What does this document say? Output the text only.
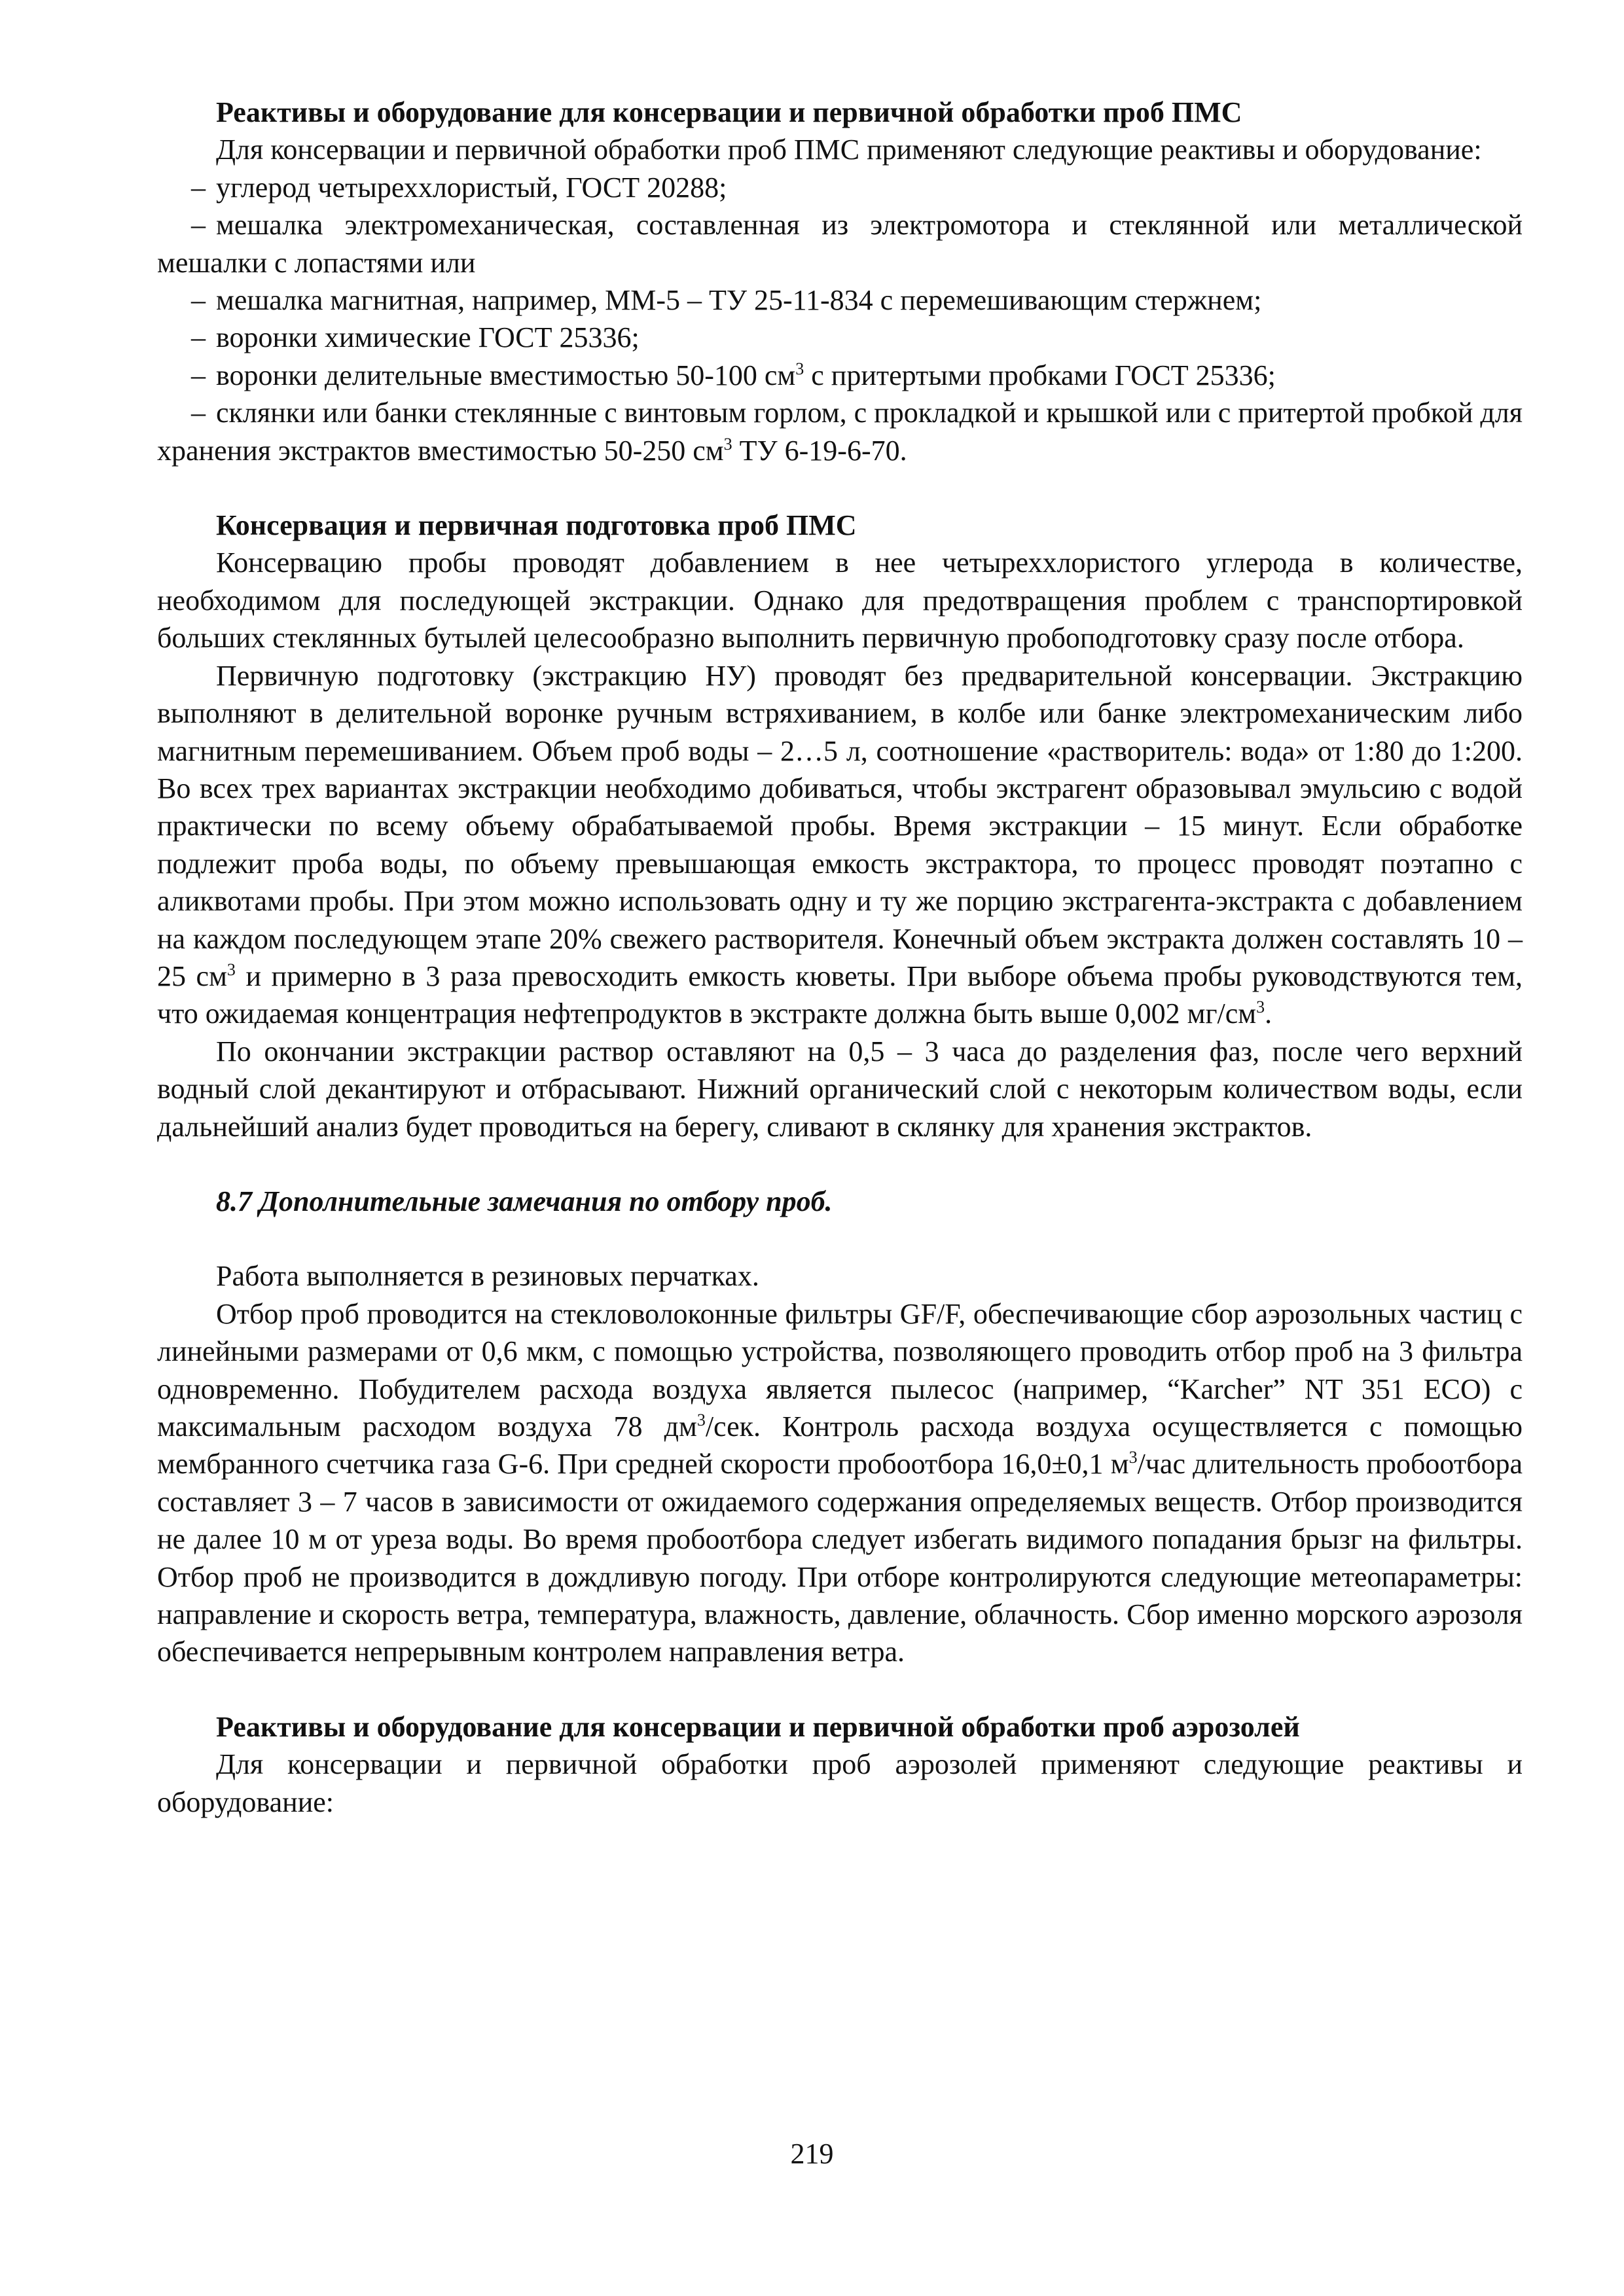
Реактивы и оборудование для консервации и первичной обработки проб ПМС

Для консервации и первичной обработки проб ПМС применяют следующие реактивы и оборудование:

– углерод четыреххлористый, ГОСТ 20288;

– мешалка электромеханическая, составленная из электромотора и стеклянной или металлической мешалки с лопастями или

– мешалка магнитная, например, ММ-5 – ТУ 25-11-834 с перемешивающим стержнем;

– воронки химические ГОСТ 25336;

– воронки делительные вместимостью 50-100 $см^3$ с притертыми пробками ГОСТ 25336;

– склянки или банки стеклянные с винтовым горлом, с прокладкой и крышкой или с притертой пробкой для хранения экстрактов вместимостью 50-250 $см^3$ ТУ 6-19-6-70.

Консервация и первичная подготовка проб ПМС

Консервацию пробы проводят добавлением в нее четыреххлористого углерода в количестве, необходимом для последующей экстракции. Однако для предотвращения проблем с транспортировкой больших стеклянных бутылей целесообразно выполнить первичную пробоподготовку сразу после отбора.

Первичную подготовку (экстракцию НУ) проводят без предварительной консервации. Экстракцию выполняют в делительной воронке ручным встряхиванием, в колбе или банке электромеханическим либо магнитным перемешиванием. Объем проб воды – 2…5 л, соотношение «растворитель: вода» от 1:80 до 1:200. Во всех трех вариантах экстракции необходимо добиваться, чтобы экстрагент образовывал эмульсию с водой практически по всему объему обрабатываемой пробы. Время экстракции – 15 минут. Если обработке подлежит проба воды, по объему превышающая емкость экстрактора, то процесс проводят поэтапно с аликвотами пробы. При этом можно использовать одну и ту же порцию экстрагента-экстракта с добавлением на каждом последующем этапе 20% свежего растворителя. Конечный объем экстракта должен составлять 10 – 25 $см^3$ и примерно в 3 раза превосходить емкость кюветы. При выборе объема пробы руководствуются тем, что ожидаемая концентрация нефтепродуктов в экстракте должна быть выше 0,002 $мг/см^3$.

По окончании экстракции раствор оставляют на 0,5 – 3 часа до разделения фаз, после чего верхний водный слой декантируют и отбрасывают. Нижний органический слой с некоторым количеством воды, если дальнейший анализ будет проводиться на берегу, сливают в склянку для хранения экстрактов.

8.7 Дополнительные замечания по отбору проб.

Работа выполняется в резиновых перчатках.

Отбор проб проводится на стекловолоконные фильтры GF/F, обеспечивающие сбор аэрозольных частиц с линейными размерами от 0,6 мкм, с помощью устройства, позволяющего проводить отбор проб на 3 фильтра одновременно. Побудителем расхода воздуха является пылесос (например, “Karcher” NT 351 ECO) с максимальным расходом воздуха 78 $дм^3$/сек. Контроль расхода воздуха осуществляется с помощью мембранного счетчика газа G-6. При средней скорости пробоотбора 16,0±0,1 $м^3$/час длительность пробоотбора составляет 3 – 7 часов в зависимости от ожидаемого содержания определяемых веществ. Отбор производится не далее 10 м от уреза воды. Во время пробоотбора следует избегать видимого попадания брызг на фильтры. Отбор проб не производится в дождливую погоду. При отборе контролируются следующие метеопараметры: направление и скорость ветра, температура, влажность, давление, облачность. Сбор именно морского аэрозоля обеспечивается непрерывным контролем направления ветра.

Реактивы и оборудование для консервации и первичной обработки проб аэрозолей

Для консервации и первичной обработки проб аэрозолей применяют следующие реактивы и оборудование:

219
